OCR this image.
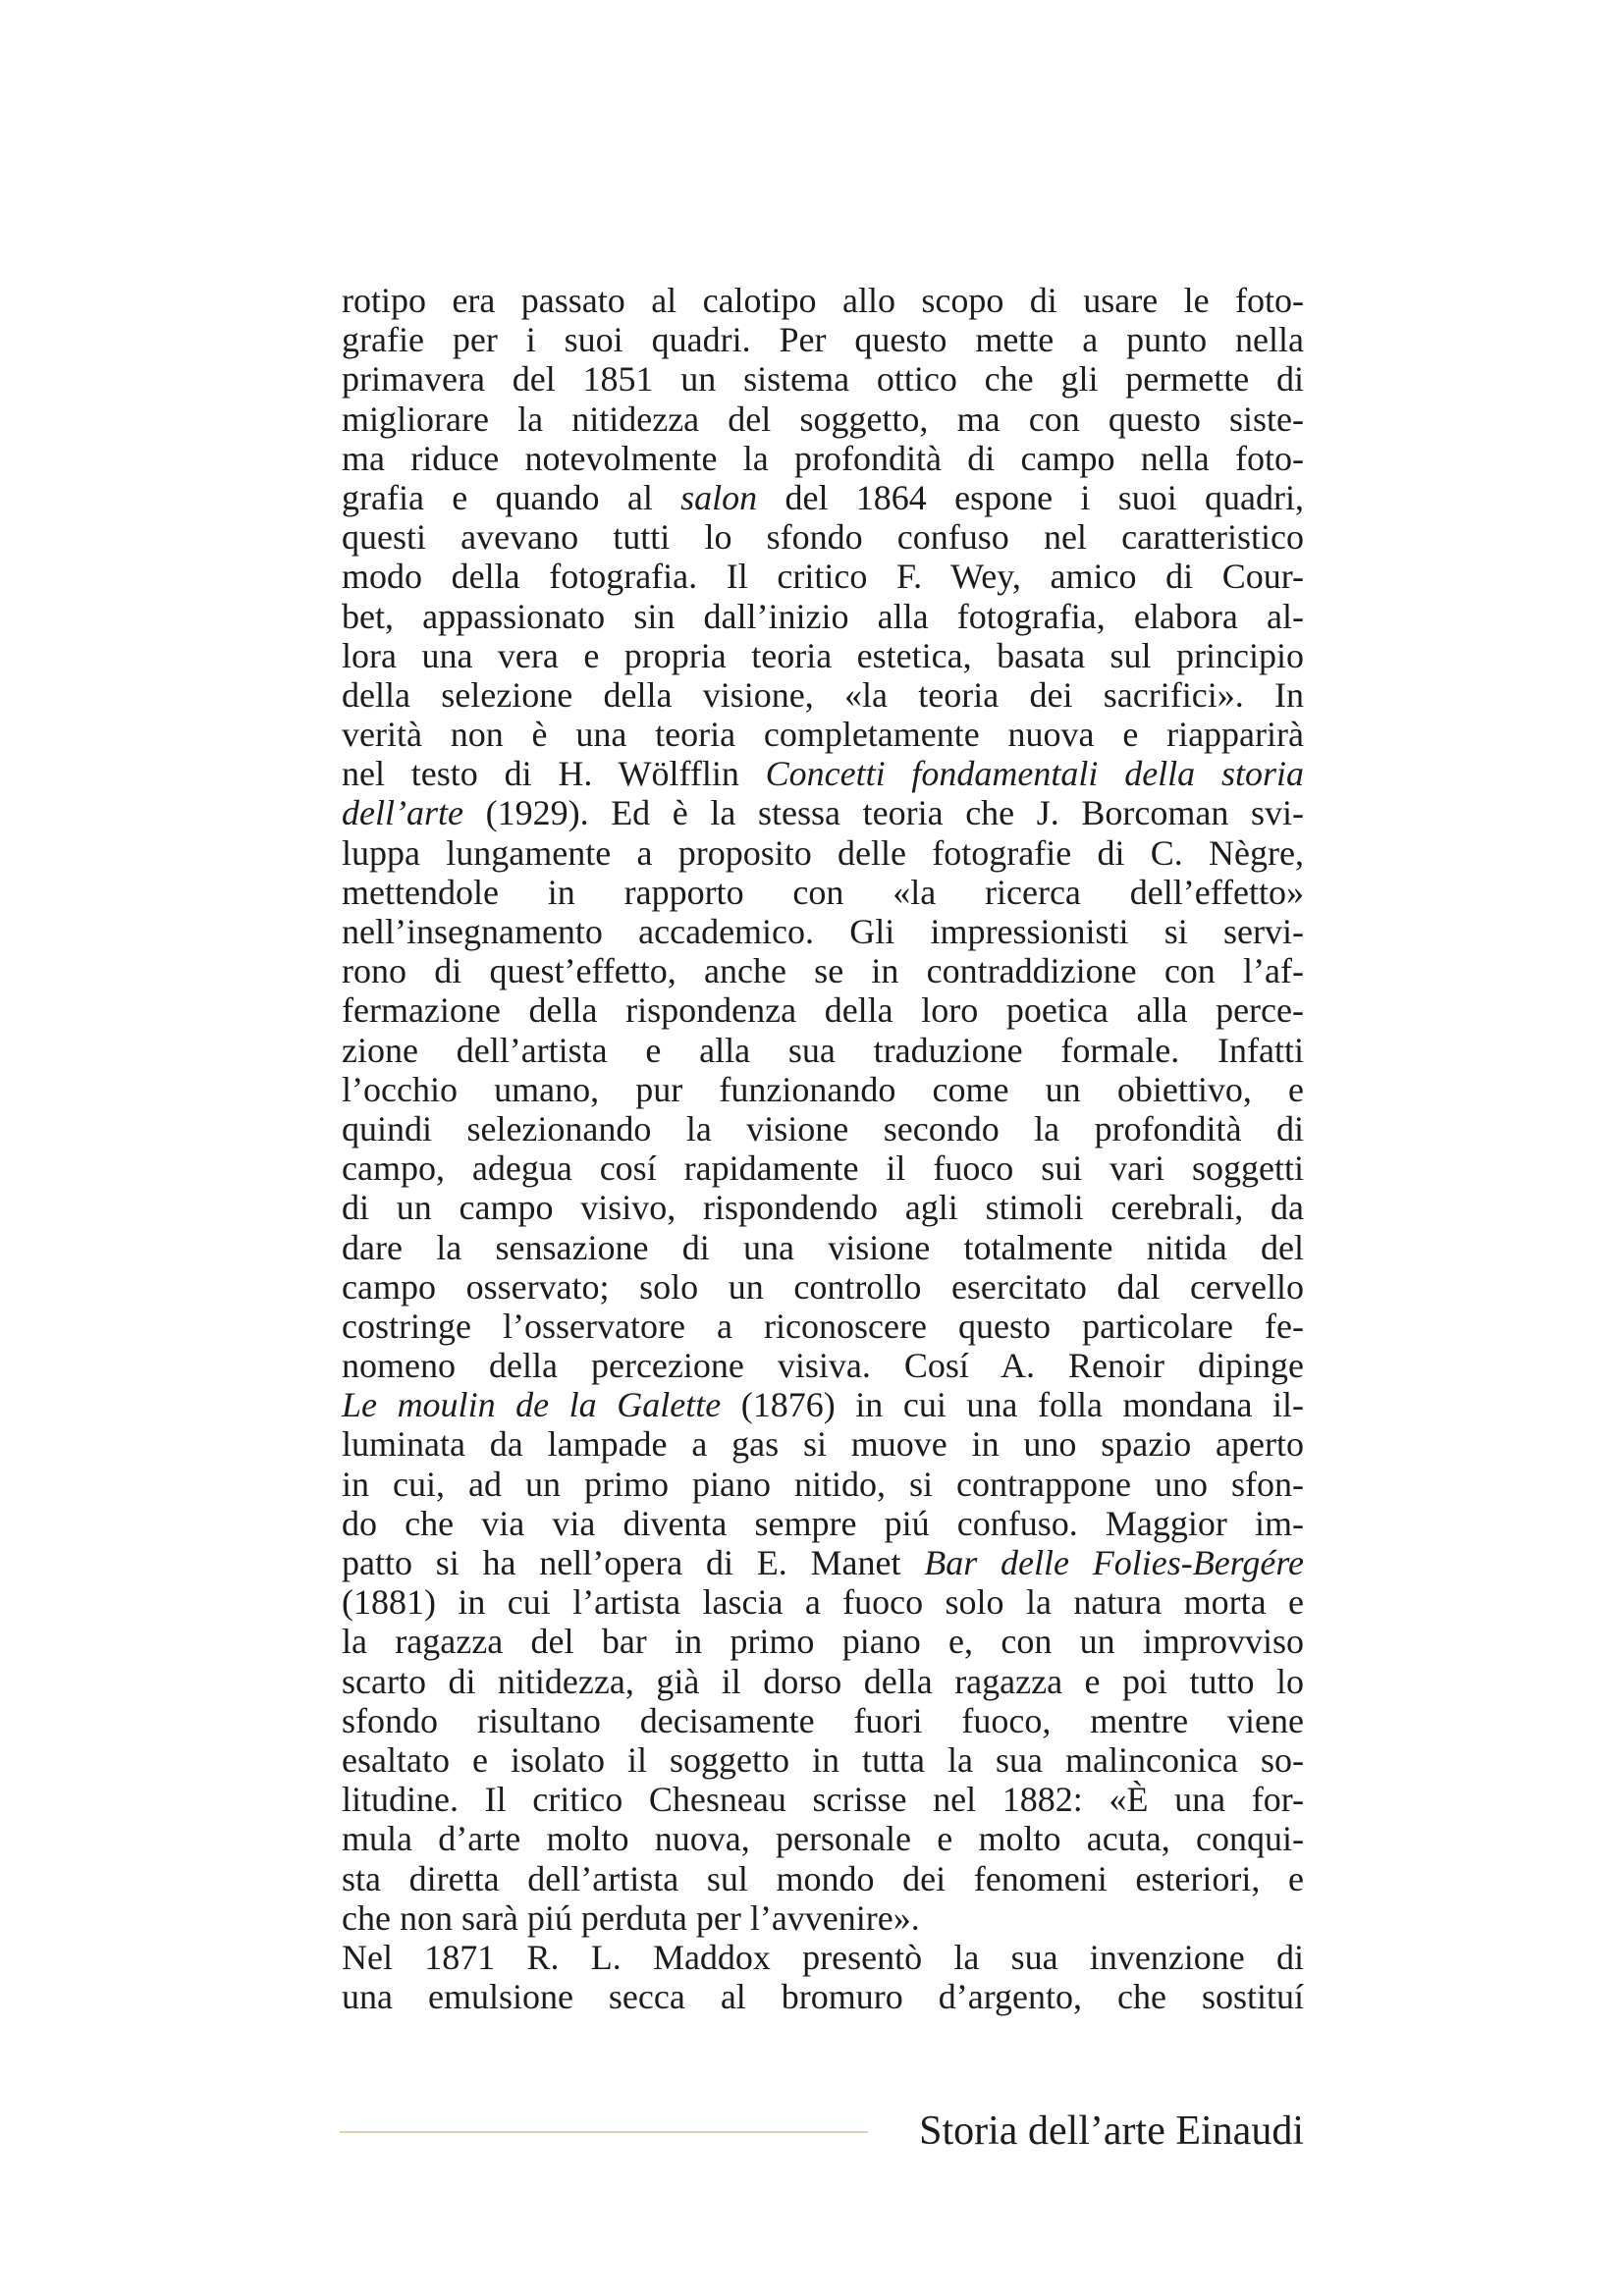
rotipo era passato al calotipo allo scopo di usare le foto-
grafie per i suoi quadri. Per questo mette a punto nella
primavera del 1851 un sistema ottico che gli permette di
migliorare la nitidezza del soggetto, ma con questo siste-
ma riduce notevolmente la profondità di campo nella foto-
grafia e quando al salon del 1864 espone i suoi quadri,
questi avevano tutti lo sfondo confuso nel caratteristico
modo della fotografia. Il critico F. Wey, amico di Cour-
bet, appassionato sin dall’inizio alla fotografia, elabora al-
lora una vera e propria teoria estetica, basata sul principio
della selezione della visione, «la teoria dei sacrifici». In
verità non è una teoria completamente nuova e riapparirà
nel testo di H. Wölfflin Concetti fondamentali della storia
dell’arte (1929). Ed è la stessa teoria che J. Borcoman svi-
luppa lungamente a proposito delle fotografie di C. Nègre,
mettendole in rapporto con «la ricerca dell’effetto»
nell’insegnamento accademico. Gli impressionisti si servi-
rono di quest’effetto, anche se in contraddizione con l’af-
fermazione della rispondenza della loro poetica alla perce-
zione dell’artista e alla sua traduzione formale. Infatti
l’occhio umano, pur funzionando come un obiettivo, e
quindi selezionando la visione secondo la profondità di
campo, adegua cosí rapidamente il fuoco sui vari soggetti
di un campo visivo, rispondendo agli stimoli cerebrali, da
dare la sensazione di una visione totalmente nitida del
campo osservato; solo un controllo esercitato dal cervello
costringe l’osservatore a riconoscere questo particolare fe-
nomeno della percezione visiva. Cosí A. Renoir dipinge
Le moulin de la Galette (1876) in cui una folla mondana il-
luminata da lampade a gas si muove in uno spazio aperto
in cui, ad un primo piano nitido, si contrappone uno sfon-
do che via via diventa sempre piú confuso. Maggior im-
patto si ha nell’opera di E. Manet Bar delle Folies-Bergére
(1881) in cui l’artista lascia a fuoco solo la natura morta e
la ragazza del bar in primo piano e, con un improvviso
scarto di nitidezza, già il dorso della ragazza e poi tutto lo
sfondo risultano decisamente fuori fuoco, mentre viene
esaltato e isolato il soggetto in tutta la sua malinconica so-
litudine. Il critico Chesneau scrisse nel 1882: «È una for-
mula d’arte molto nuova, personale e molto acuta, conqui-
sta diretta dell’artista sul mondo dei fenomeni esteriori, e
che non sarà piú perduta per l’avvenire».
Nel 1871 R. L. Maddox presentò la sua invenzione di
una emulsione secca al bromuro d’argento, che sostituí
Storia dell’arte Einaudi
